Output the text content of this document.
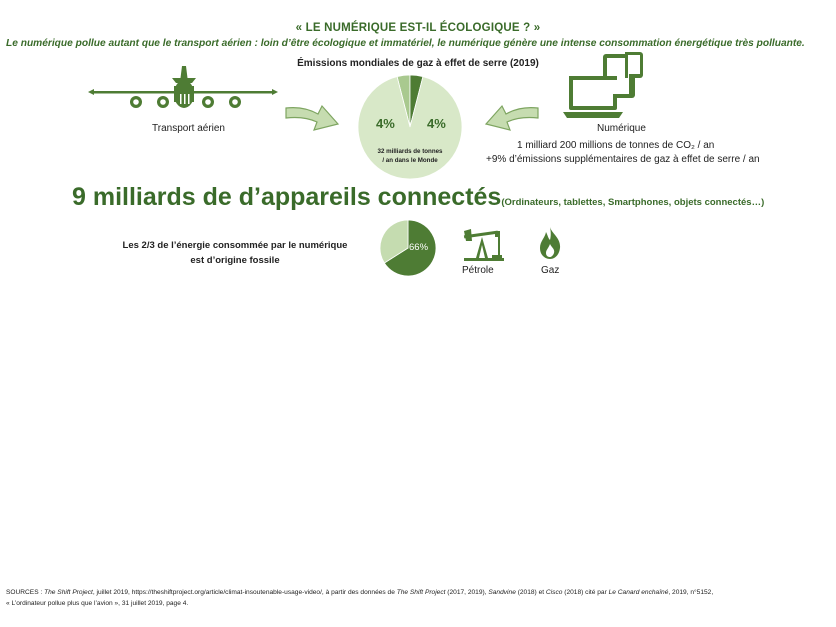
« LE NUMÉRIQUE EST-IL ÉCOLOGIQUE ? »
Le numérique pollue autant que le transport aérien : loin d’être écologique et immatériel, le numérique génère une intense consommation énergétique très polluante.
Émissions mondiales de gaz à effet de serre (2019)
Transport aérien	4% 4%
32 milliards de tonnes
/ an dans le Monde
Numérique
1 milliard 200 millions de tonnes de CO₂ / an
+9% d’émissions supplémentaires de gaz à effet de serre / an
9 milliards de d’appareils connectés(Ordinateurs, tablettes, Smartphones, objets connectés…)
Les 2/3 de l’énergie consommée par le numérique
est d’origine fossile
66%
Pétrole	Gaz
SOURCES : The Shift Project, juillet 2019, https://theshiftproject.org/article/climat-insoutenable-usage-video/, à partir des données de The Shift Project (2017, 2019), Sandvine (2018) et Cisco (2018) cité par Le Canard enchaîné, 2019, n°5152,
« L’ordinateur pollue plus que l’avion », 31 juillet 2019, page 4.
